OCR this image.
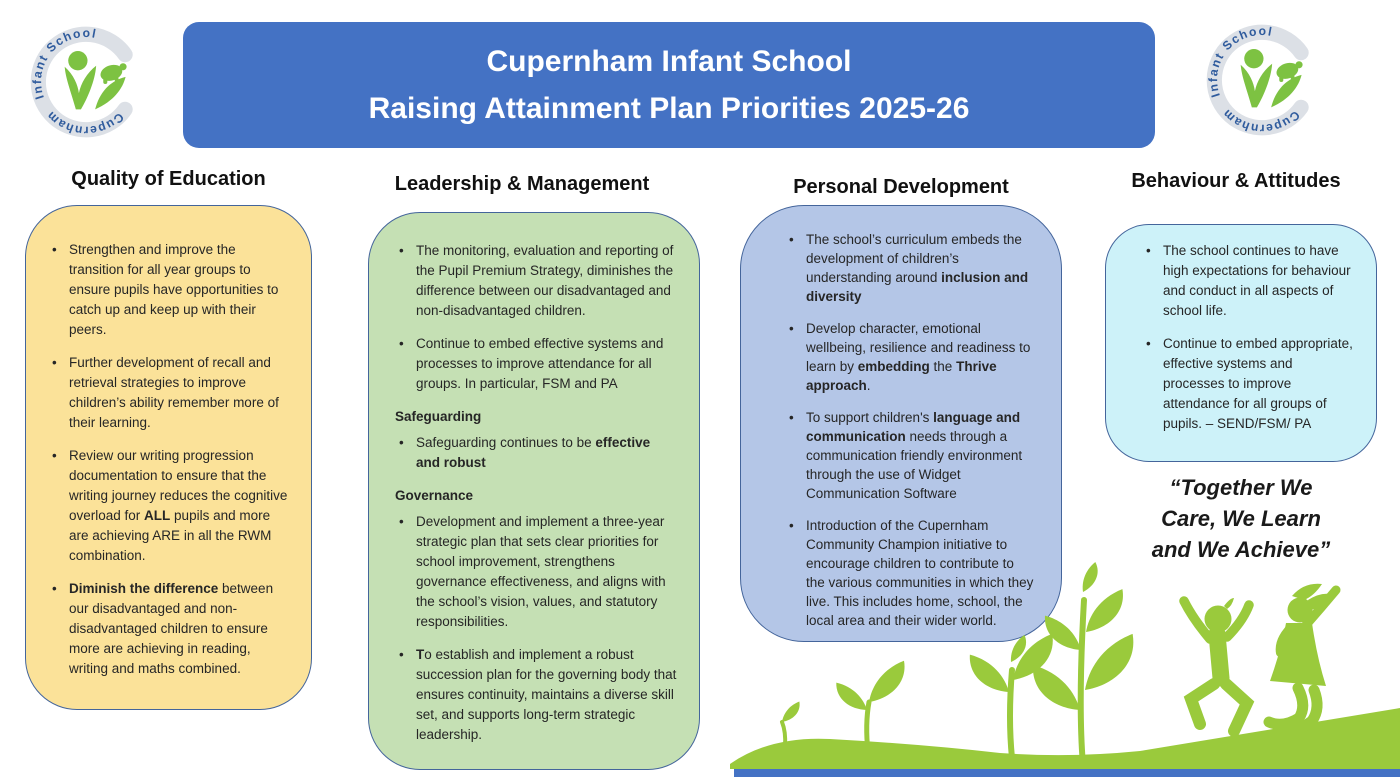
Infant School
Cupernham
Cupernham Infant School
Raising Attainment Plan Priorities 2025-26	Infant School
Cupernham
Quality of Education	Leadership & Management	Personal Development	Behaviour & Attitudes
• Strengthen and improve the transition for all year groups to ensure pupils have opportunities to catch up and keep up with their peers.
• Further development of recall and retrieval strategies to improve children’s ability remember more of their learning.
• Review our writing progression documentation to ensure that the writing journey reduces the cognitive overload for ALL pupils and more are achieving ARE in all the RWM combination.
• Diminish the difference between our disadvantaged and non-disadvantaged children to ensure more are achieving in reading, writing and maths combined.
• The monitoring, evaluation and reporting of the Pupil Premium Strategy, diminishes the difference between our disadvantaged and non-disadvantaged children.
• Continue to embed effective systems and processes to improve attendance for all groups. In particular, FSM and PA
Safeguarding
• Safeguarding continues to be effective and robust
Governance
• Development and implement a three-year strategic plan that sets clear priorities for school improvement, strengthens governance effectiveness, and aligns with the school’s vision, values, and statutory responsibilities.
• To establish and implement a robust succession plan for the governing body that ensures continuity, maintains a diverse skill set, and supports long-term strategic leadership.
• The school’s curriculum embeds the development of children’s understanding around inclusion and diversity
• Develop character, emotional wellbeing, resilience and readiness to learn by embedding the Thrive approach.
• To support children's language and communication needs through a communication friendly environment through the use of Widget Communication Software
• Introduction of the Cupernham Community Champion initiative to encourage children to contribute to the various communities in which they live. This includes home, school, the local area and their wider world.
• The school continues to have high expectations for behaviour and conduct in all aspects of school life.
• Continue to embed appropriate, effective systems and processes to improve attendance for all groups of pupils. – SEND/FSM/ PA
“Together We
Care, We Learn
and We Achieve”
